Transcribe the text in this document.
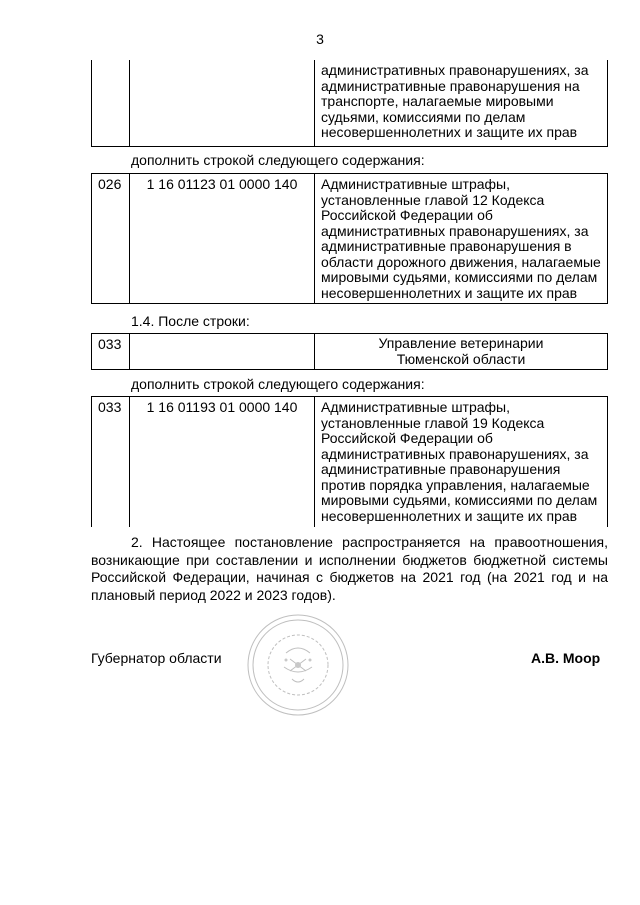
3

административных правонарушениях, за
административные правонарушения на
транспорте, налагаемые мировыми
судьями, комиссиями по делам
несовершеннолетних и защите их прав
дополнить строкой следующего содержания:
026	1 16 01123 01 0000 140	Административные штрафы,
установленные главой 12 Кодекса
Российской Федерации об
административных правонарушениях, за
административные правонарушения в
области дорожного движения, налагаемые
мировыми судьями, комиссиями по делам
несовершеннолетних и защите их прав
1.4. После строки:
033		Управление ветеринарии
Тюменской области
дополнить строкой следующего содержания:
033	1 16 01193 01 0000 140	Административные штрафы,
установленные главой 19 Кодекса
Российской Федерации об
административных правонарушениях, за
административные правонарушения
против порядка управления, налагаемые
мировыми судьями, комиссиями по делам
несовершеннолетних и защите их прав
2. Настоящее постановление распространяется на правоотношения, возникающие при составлении и исполнении бюджетов бюджетной системы Российской Федерации, начиная с бюджетов на 2021 год (на 2021 год и на плановый период 2022 и 2023 годов).
Губернатор области	А.В. Моор
